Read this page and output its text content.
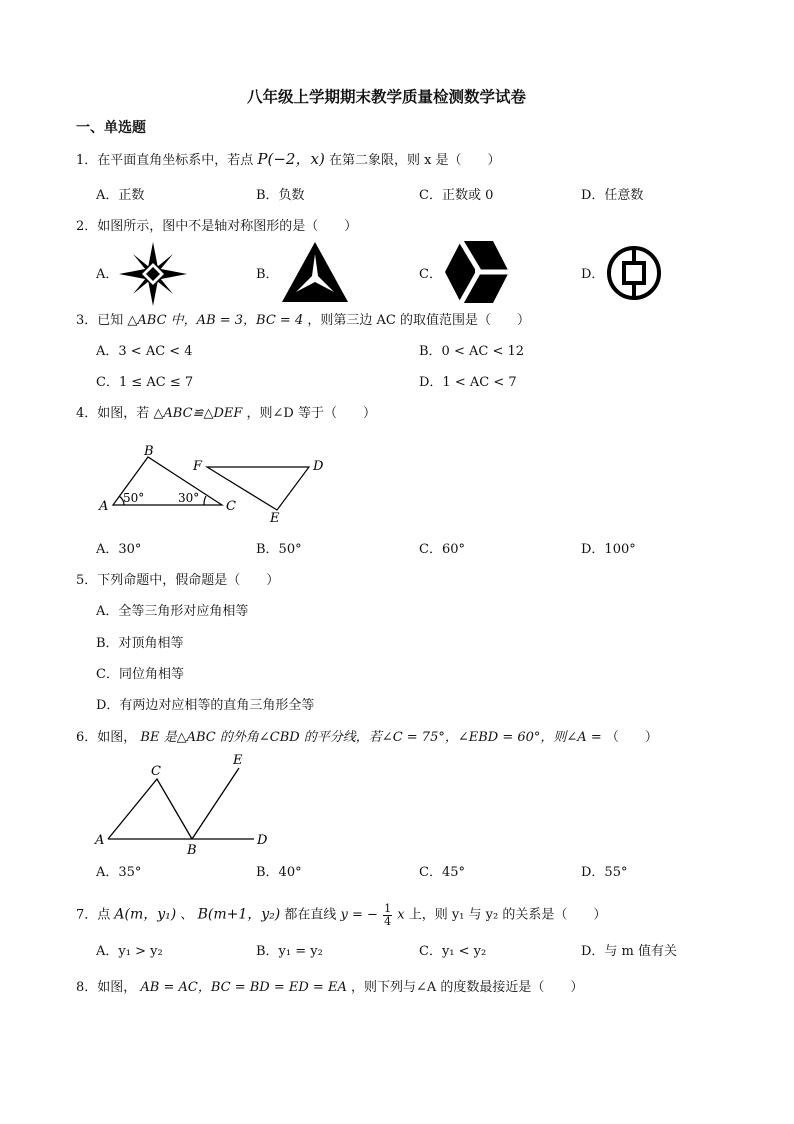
八年级上学期期末教学质量检测数学试卷
一、单选题
1．在平面直角坐标系中，若点 P(−2，x) 在第二象限，则 x 是（　　）
A．正数	B．负数	C．正数或 0	D．任意数
2．如图所示，图中不是轴对称图形的是（　　）
A．	B．	C．	D．
3．已知 △ABC 中，AB = 3，BC = 4 ，则第三边 AC 的取值范围是（　　）
A．3 < AC < 4	B．0 < AC < 12
C．1 ≤ AC ≤ 7	D．1 < AC < 7
4．如图，若 △ABC≌△DEF ，则∠D 等于（　　）
B
A	C
F	D
E
50°	30°
A．30°	B．50°	C．60°	D．100°
5．下列命题中，假命题是（　　）
A．全等三角形对应角相等
B．对顶角相等
C．同位角相等
D．有两边对应相等的直角三角形全等
6．如图， BE 是△ABC 的外角∠CBD 的平分线，若∠C = 75°，∠EBD = 60°，则∠A = （　　）
C
E
A
B
D
A．35°	B．40°	C．45°	D．55°
7．点 A(m，y₁) 、 B(m+1，y₂) 都在直线 y = − $\frac{1}{4}$ x 上，则 y₁ 与 y₂ 的关系是（　　）
A．y₁ > y₂	B．y₁ = y₂	C．y₁ < y₂	D．与 m 值有关
8．如图， AB = AC，BC = BD = ED = EA ，则下列与∠A 的度数最接近是（　　）
